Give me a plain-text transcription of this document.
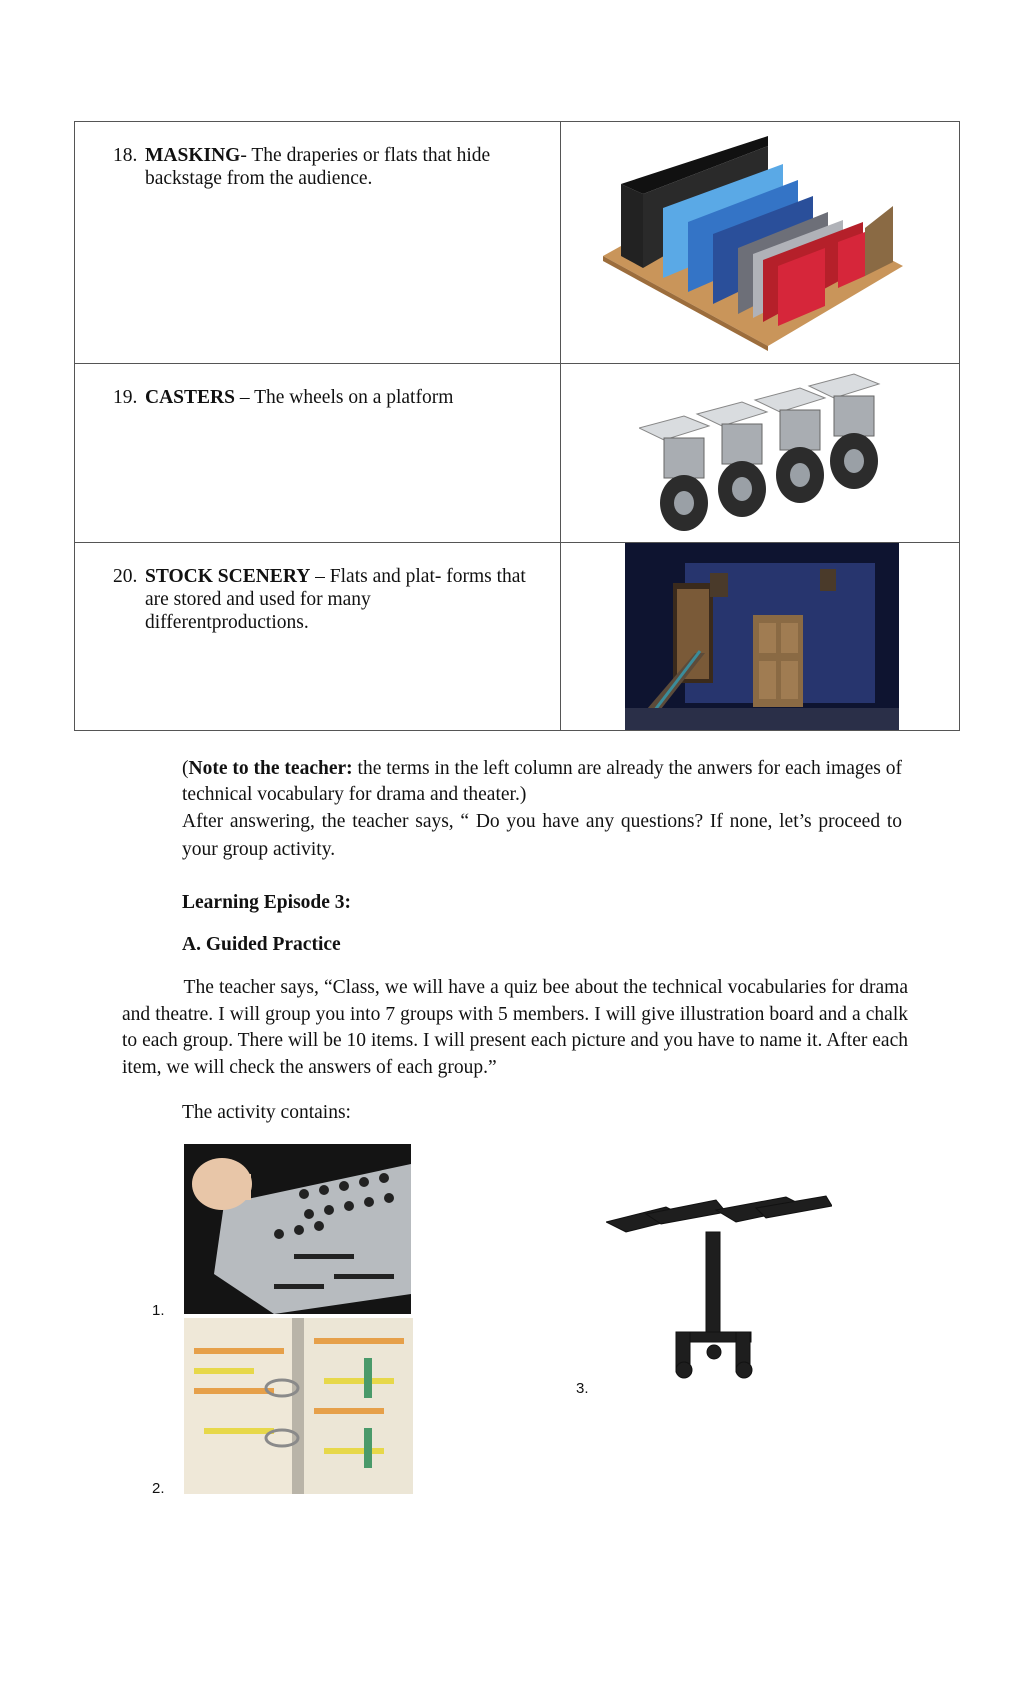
18. MASKING- The draperies or flats that hide backstage from the audience.

19. CASTERS – The wheels on a platform

20. STOCK SCENERY – Flats and plat- forms that are stored and used for many differentproductions.

(Note to the teacher: the terms in the left column are already the anwers for each images of technical vocabulary for drama and theater.)
After answering, the teacher says, “ Do you have any questions? If none, let’s proceed to your group activity.
Learning Episode 3:
A. Guided Practice
The teacher says, “Class, we will have a quiz bee about the technical vocabularies for drama and theatre. I will group you into 7 groups with 5 members. I will give illustration board and a chalk to each group. There will be 10 items. I will present each picture and you have to name it. After each item, we will check the answers of each group.”
The activity contains:
1.
2.
3.
